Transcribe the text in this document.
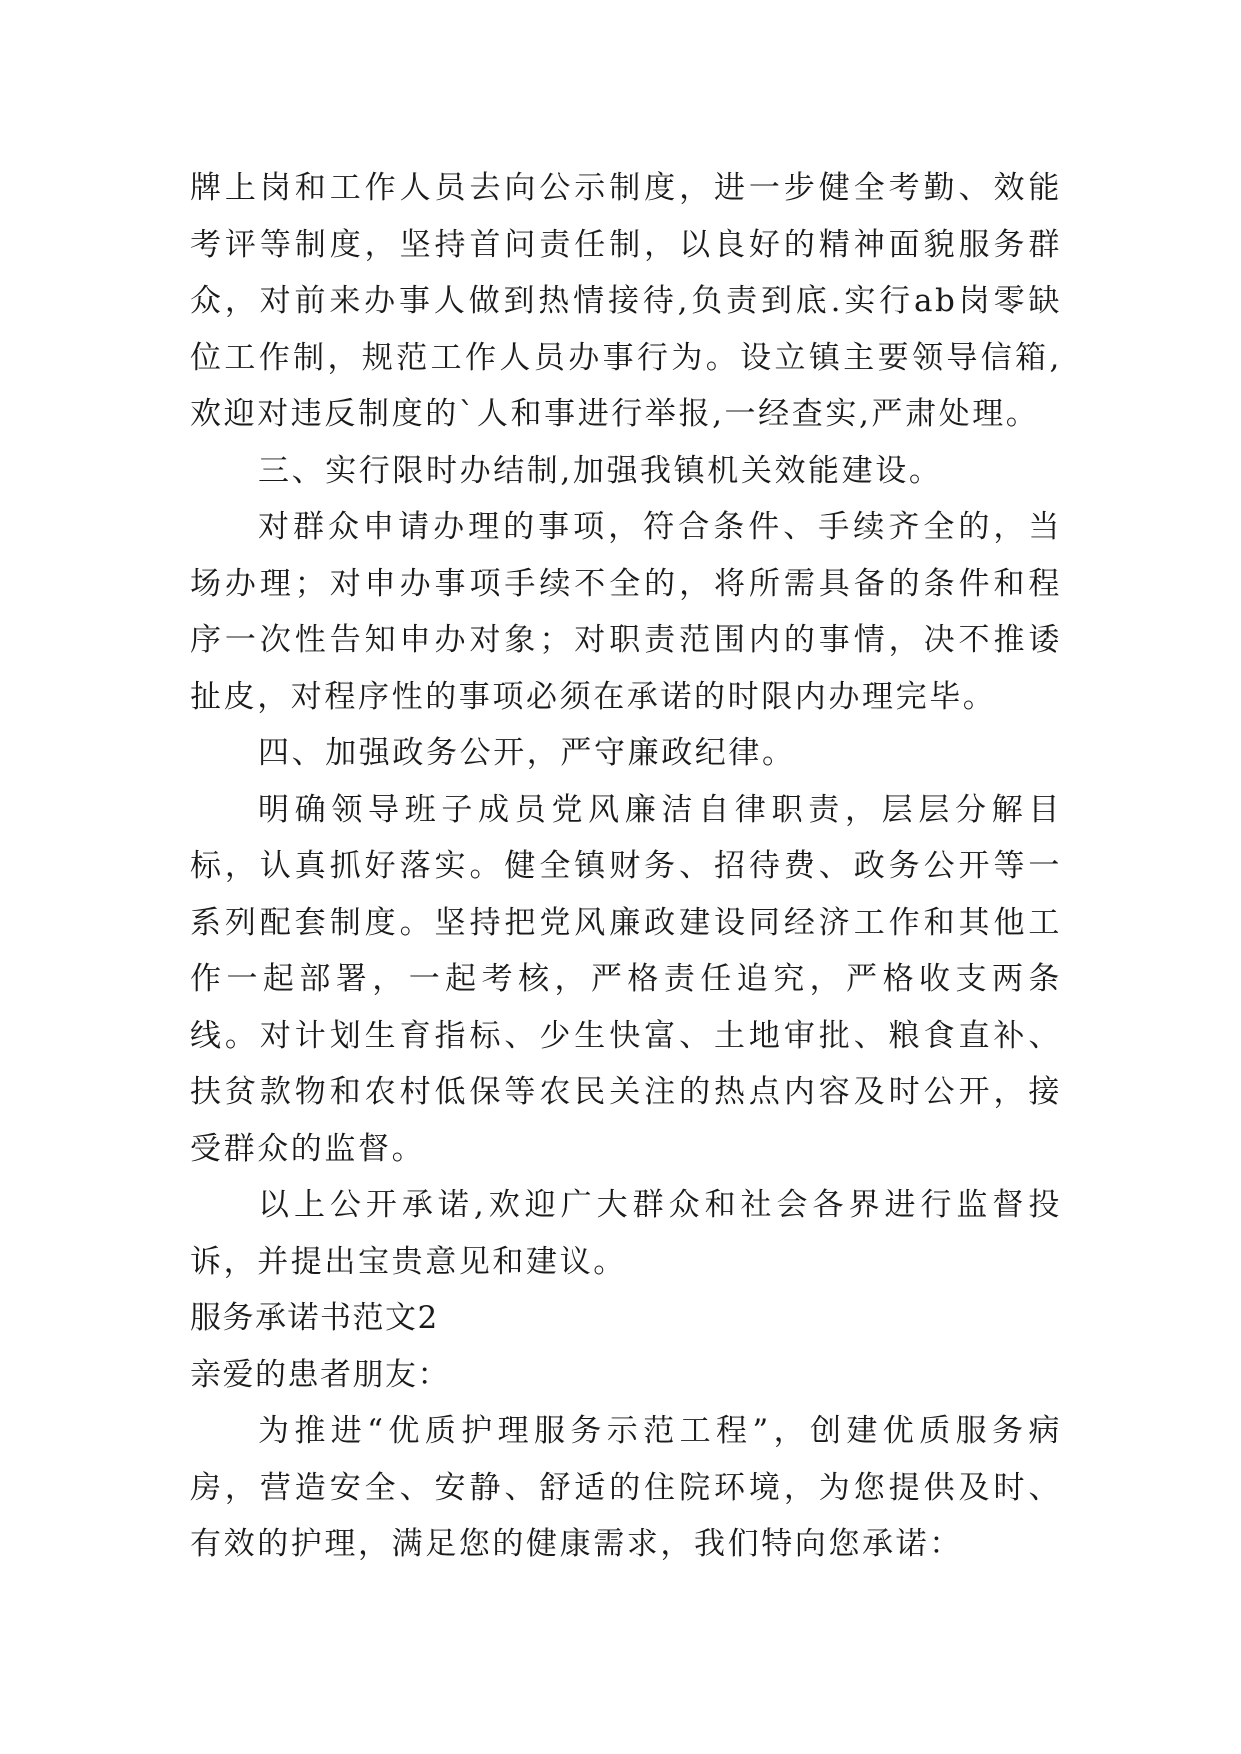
牌上岗和工作人员去向公示制度，进一步健全考勤、效能考评等制度，坚持首问责任制，以良好的精神面貌服务群众，对前来办事人做到热情接待,负责到底.实行ab岗零缺位工作制，规范工作人员办事行为。设立镇主要领导信箱,欢迎对违反制度的`人和事进行举报,一经查实,严肃处理。

三、实行限时办结制,加强我镇机关效能建设。

对群众申请办理的事项，符合条件、手续齐全的，当场办理；对申办事项手续不全的，将所需具备的条件和程序一次性告知申办对象；对职责范围内的事情，决不推诿扯皮，对程序性的事项必须在承诺的时限内办理完毕。

四、加强政务公开，严守廉政纪律。

明确领导班子成员党风廉洁自律职责，层层分解目标，认真抓好落实。健全镇财务、招待费、政务公开等一系列配套制度。坚持把党风廉政建设同经济工作和其他工作一起部署，一起考核，严格责任追究，严格收支两条线。对计划生育指标、少生快富、土地审批、粮食直补、扶贫款物和农村低保等农民关注的热点内容及时公开，接受群众的监督。

以上公开承诺,欢迎广大群众和社会各界进行监督投诉，并提出宝贵意见和建议。

服务承诺书范文2

亲爱的患者朋友：

为推进“优质护理服务示范工程”，创建优质服务病房，营造安全、安静、舒适的住院环境，为您提供及时、有效的护理，满足您的健康需求，我们特向您承诺：
